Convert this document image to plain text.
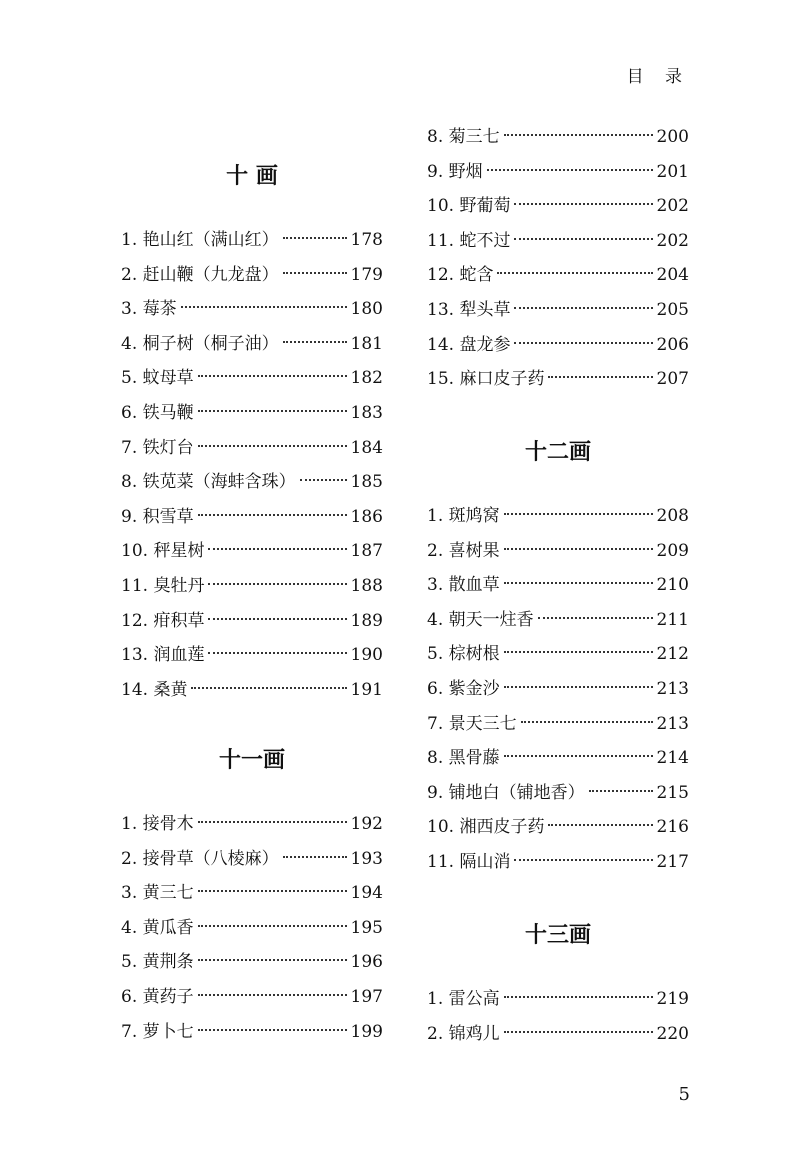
目 录
十 画
1. 艳山红（满山红）	178
2. 赶山鞭（九龙盘）	179
3. 莓茶	180
4. 桐子树（桐子油）	181
5. 蚊母草	182
6. 铁马鞭	183
7. 铁灯台	184
8. 铁苋菜（海蚌含珠）	185
9. 积雪草	186
10. 秤星树	187
11. 臭牡丹	188
12. 疳积草	189
13. 润血莲	190
14. 桑黄	191
十一画
1. 接骨木	192
2. 接骨草（八棱麻）	193
3. 黄三七	194
4. 黄瓜香	195
5. 黄荆条	196
6. 黄药子	197
7. 萝卜七	199
8. 菊三七	200
9. 野烟	201
10. 野葡萄	202
11. 蛇不过	202
12. 蛇含	204
13. 犁头草	205
14. 盘龙参	206
15. 麻口皮子药	207
十二画
1. 斑鸠窝	208
2. 喜树果	209
3. 散血草	210
4. 朝天一炷香	211
5. 棕树根	212
6. 紫金沙	213
7. 景天三七	213
8. 黑骨藤	214
9. 铺地白（铺地香）	215
10. 湘西皮子药	216
11. 隔山消	217
十三画
1. 雷公高	219
2. 锦鸡儿	220
5
